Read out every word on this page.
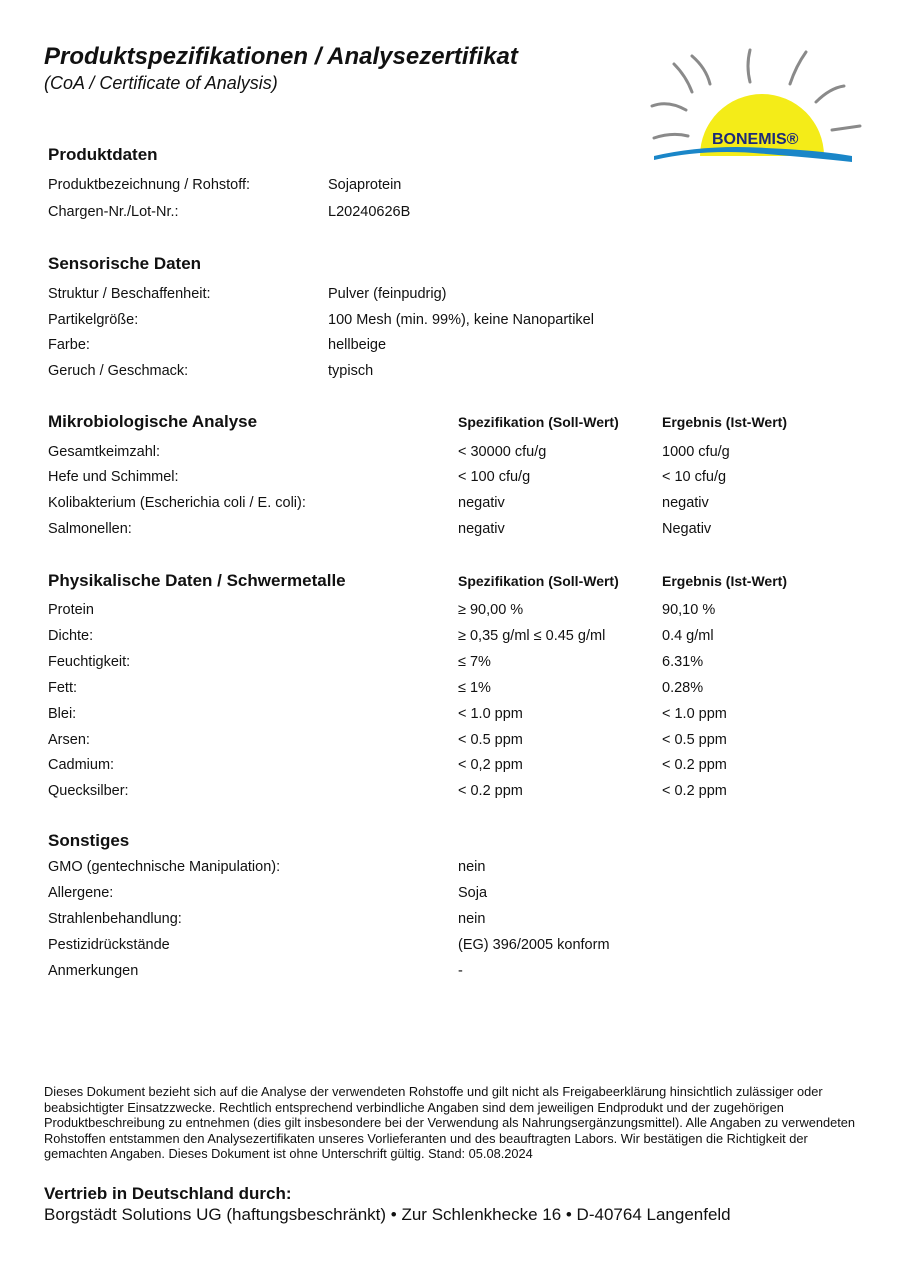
Produktspezifikationen / Analysezertifikat
(CoA / Certificate of Analysis)
BONEMIS®
Produktdaten
Produktbezeichnung / Rohstoff:	Sojaprotein
Chargen-Nr./Lot-Nr.:	L20240626B
Sensorische Daten
Struktur / Beschaffenheit:	Pulver (feinpudrig)
Partikelgröße:	100 Mesh (min. 99%), keine Nanopartikel
Farbe:	hellbeige
Geruch / Geschmack:	typisch
Mikrobiologische Analyse	Spezifikation (Soll-Wert)	Ergebnis (Ist-Wert)
Gesamtkeimzahl:	< 30000 cfu/g	1000 cfu/g
Hefe und Schimmel:	< 100 cfu/g	< 10 cfu/g
Kolibakterium (Escherichia coli / E. coli):	negativ	negativ
Salmonellen:	negativ	Negativ
Physikalische Daten / Schwermetalle	Spezifikation (Soll-Wert)	Ergebnis (Ist-Wert)
Protein	≥ 90,00 %	90,10 %
Dichte:	≥ 0,35 g/ml ≤ 0.45 g/ml	0.4 g/ml
Feuchtigkeit:	≤ 7%	6.31%
Fett:	≤ 1%	0.28%
Blei:	< 1.0 ppm	< 1.0 ppm
Arsen:	< 0.5 ppm	< 0.5 ppm
Cadmium:	< 0,2 ppm	< 0.2 ppm
Quecksilber:	< 0.2 ppm	< 0.2 ppm
Sonstiges
GMO (gentechnische Manipulation):	nein
Allergene:	Soja
Strahlenbehandlung:	nein
Pestizidrückstände	(EG) 396/2005 konform
Anmerkungen	-
Dieses Dokument bezieht sich auf die Analyse der verwendeten Rohstoffe und gilt nicht als Freigabeerklärung hinsichtlich zulässiger oder beabsichtigter Einsatzzwecke. Rechtlich entsprechend verbindliche Angaben sind dem jeweiligen Endprodukt und der zugehörigen Produktbeschreibung zu entnehmen (dies gilt insbesondere bei der Verwendung als Nahrungsergänzungsmittel). Alle Angaben zu verwendeten Rohstoffen entstammen den Analysezertifikaten unseres Vorlieferanten und des beauftragten Labors. Wir bestätigen die Richtigkeit der gemachten Angaben. Dieses Dokument ist ohne Unterschrift gültig. Stand: 05.08.2024
Vertrieb in Deutschland durch:
Borgstädt Solutions UG (haftungsbeschränkt) • Zur Schlenkhecke 16 • D-40764 Langenfeld
